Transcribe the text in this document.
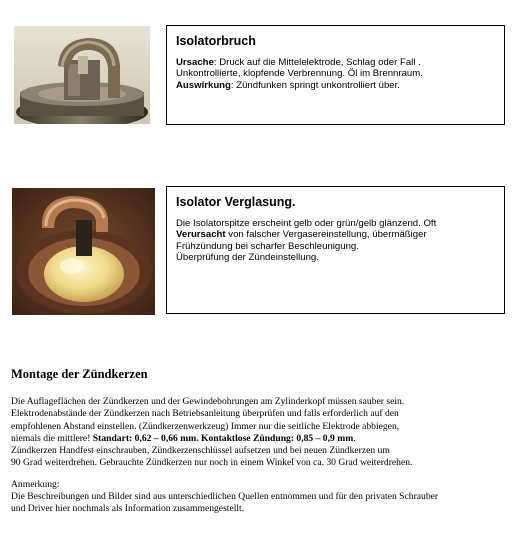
Isolatorbruch
Ursache: Druck auf die Mittelelektrode, Schlag oder Fall .
Unkontrollierte, klopfende Verbrennung. Öl im Brennraum.
Auswirkung: Zündfunken springt unkontrolliert über.
Isolator Verglasung.
Die Isolatorspitze erscheint gelb oder grün/gelb glänzend. Oft
Verursacht von falscher Vergasereinstellung, übermäßiger
Frühzündung bei scharfer Beschleunigung.
Überprüfung der Zündeinstellung.
Montage der Zündkerzen
Die Auflageflächen der Zündkerzen und der Gewindebohrungen am Zylinderkopf müssen sauber sein.
Elektrodenabstände der Zündkerzen nach Betriebsanleitung überprüfen und falls erforderlich auf den
empfohlenen Abstand einstellen. (Zündkerzenwerkzeug) Immer nur die seitliche Elektrode abbiegen,
niemals die mittlere! Standart: 0,62 – 0,66 mm. Kontaktlose Zündung: 0,85 – 0,9 mm.
Zündkerzen Handfest einschrauben, Zündkerzenschlüssel aufsetzen und bei neuen Zündkerzen um
90 Grad weiterdrehen. Gebrauchte Zündkerzen nur noch in einem Winkel von ca. 30 Grad weiterdrehen.
Anmerkung:
Die Beschreibungen und Bilder sind aus unterschiedlichen Quellen entnommen und für den privaten Schrauber
und Driver hier nochmals als Information zusammengestellt.
